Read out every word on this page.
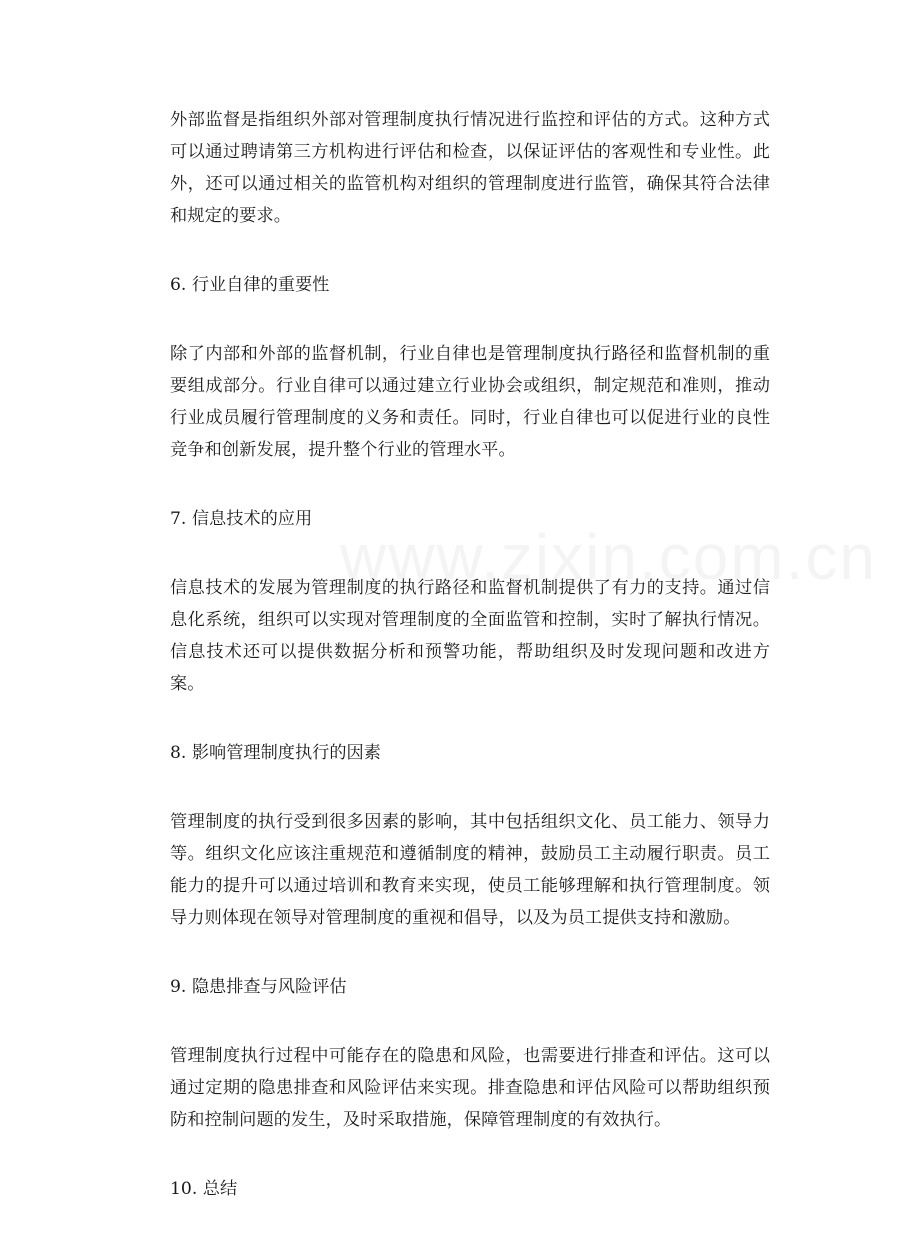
外部监督是指组织外部对管理制度执行情况进行监控和评估的方式。这种方式可以通过聘请第三方机构进行评估和检查，以保证评估的客观性和专业性。此外，还可以通过相关的监管机构对组织的管理制度进行监管，确保其符合法律和规定的要求。

6. 行业自律的重要性

除了内部和外部的监督机制，行业自律也是管理制度执行路径和监督机制的重要组成部分。行业自律可以通过建立行业协会或组织，制定规范和准则，推动行业成员履行管理制度的义务和责任。同时，行业自律也可以促进行业的良性竞争和创新发展，提升整个行业的管理水平。

7. 信息技术的应用

信息技术的发展为管理制度的执行路径和监督机制提供了有力的支持。通过信息化系统，组织可以实现对管理制度的全面监管和控制，实时了解执行情况。信息技术还可以提供数据分析和预警功能，帮助组织及时发现问题和改进方案。

8. 影响管理制度执行的因素

管理制度的执行受到很多因素的影响，其中包括组织文化、员工能力、领导力等。组织文化应该注重规范和遵循制度的精神，鼓励员工主动履行职责。员工能力的提升可以通过培训和教育来实现，使员工能够理解和执行管理制度。领导力则体现在领导对管理制度的重视和倡导，以及为员工提供支持和激励。

9. 隐患排查与风险评估

管理制度执行过程中可能存在的隐患和风险，也需要进行排查和评估。这可以通过定期的隐患排查和风险评估来实现。排查隐患和评估风险可以帮助组织预防和控制问题的发生，及时采取措施，保障管理制度的有效执行。

10. 总结
